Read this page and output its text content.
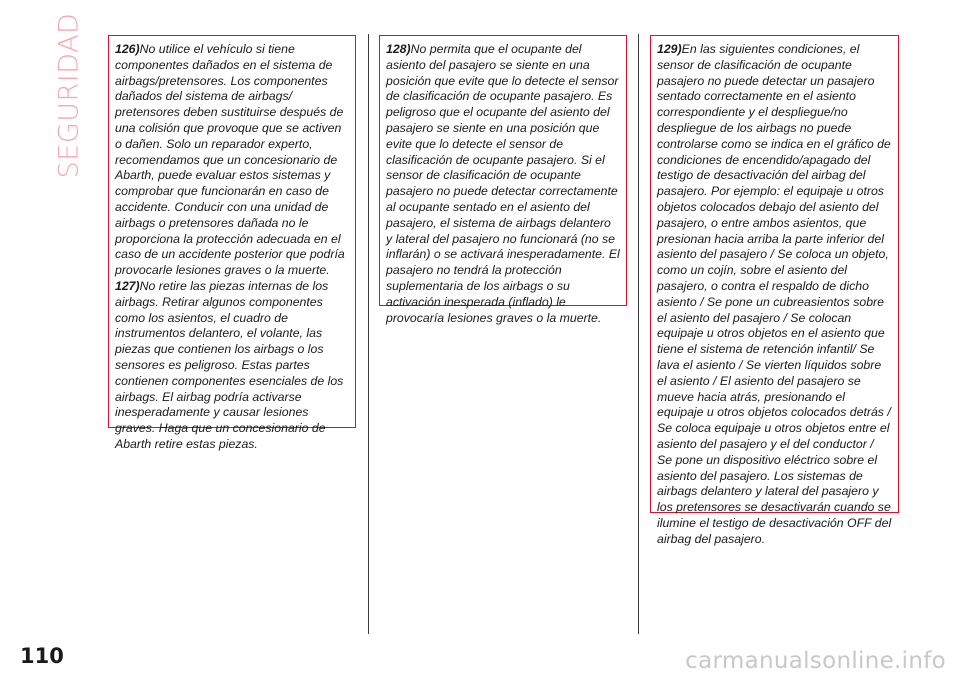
SEGURIDAD 126)No utilice el vehículo si tiene componentes dañados en el sistema de airbags/pretensores. Los componentes dañados del sistema de airbags/ pretensores deben sustituirse después de una colisión que provoque que se activen o dañen. Solo un reparador experto, recomendamos que un concesionario de Abarth, puede evaluar estos sistemas y comprobar que funcionarán en caso de accidente. Conducir con una unidad de airbags o pretensores dañada no le proporciona la protección adecuada en el caso de un accidente posterior que podría provocarle lesiones graves o la muerte.

127)No retire las piezas internas de los airbags. Retirar algunos componentes como los asientos, el cuadro de instrumentos delantero, el volante, las piezas que contienen los airbags o los sensores es peligroso. Estas partes contienen componentes esenciales de los airbags. El airbag podría activarse inesperadamente y causar lesiones graves. Haga que un concesionario de Abarth retire estas piezas.

128)No permita que el ocupante del asiento del pasajero se siente en una posición que evite que lo detecte el sensor de clasificación de ocupante pasajero. Es peligroso que el ocupante del asiento del pasajero se siente en una posición que evite que lo detecte el sensor de clasificación de ocupante pasajero. Si el sensor de clasificación de ocupante pasajero no puede detectar correctamente al ocupante sentado en el asiento del pasajero, el sistema de airbags delantero y lateral del pasajero no funcionará (no se inflarán) o se activará inesperadamente. El pasajero no tendrá la protección suplementaria de los airbags o su activación inesperada (inflado) le provocaría lesiones graves o la muerte.

129)En las siguientes condiciones, el sensor de clasificación de ocupante pasajero no puede detectar un pasajero sentado correctamente en el asiento correspondiente y el despliegue/no despliegue de los airbags no puede controlarse como se indica en el gráfico de condiciones de encendido/apagado del testigo de desactivación del airbag del pasajero. Por ejemplo: el equipaje u otros objetos colocados debajo del asiento del pasajero, o entre ambos asientos, que presionan hacia arriba la parte inferior del asiento del pasajero / Se coloca un objeto, como un cojín, sobre el asiento del pasajero, o contra el respaldo de dicho asiento / Se pone un cubreasientos sobre el asiento del pasajero / Se colocan equipaje u otros objetos en el asiento que tiene el sistema de retención infantil/ Se lava el asiento / Se vierten líquidos sobre el asiento / El asiento del pasajero se mueve hacia atrás, presionando el equipaje u otros objetos colocados detrás / Se coloca equipaje u otros objetos entre el asiento del pasajero y el del conductor / Se pone un dispositivo eléctrico sobre el asiento del pasajero. Los sistemas de airbags delantero y lateral del pasajero y los pretensores se desactivarán cuando se ilumine el testigo de desactivación OFF del airbag del pasajero.

110	carmanualsonline.info
